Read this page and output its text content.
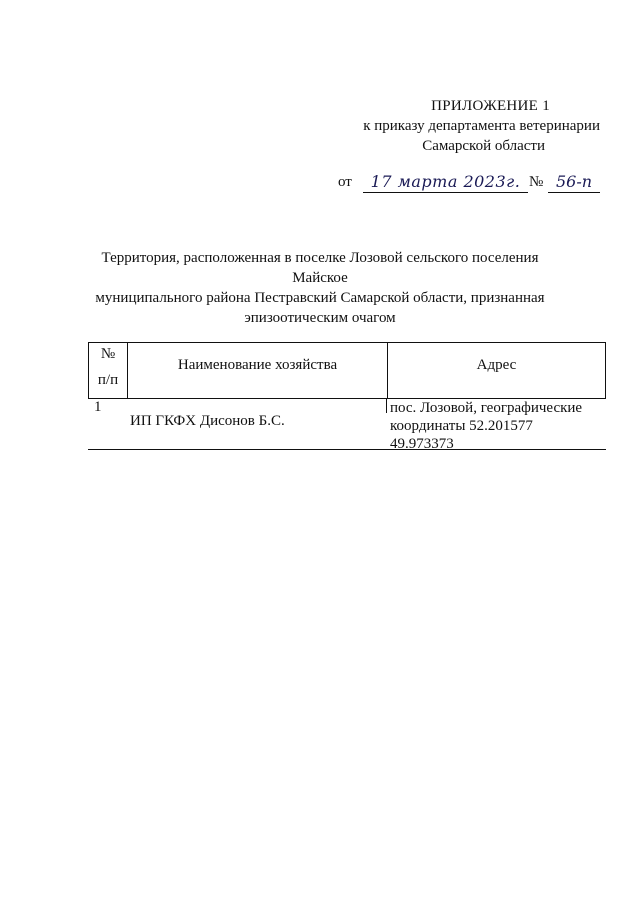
ПРИЛОЖЕНИЕ 1
к приказу департамента ветеринарии
Самарской области
от	17 марта 2023г. № 56-п
Территория, расположенная в поселке Лозовой сельского поселения Майское
муниципального района Пестравский Самарской области, признанная
эпизоотическим очагом
№
п/п
Наименование хозяйства	Адрес
1
ИП ГКФХ Дисонов Б.С.
пос. Лозовой, географические
координаты 52.201577
49.973373
